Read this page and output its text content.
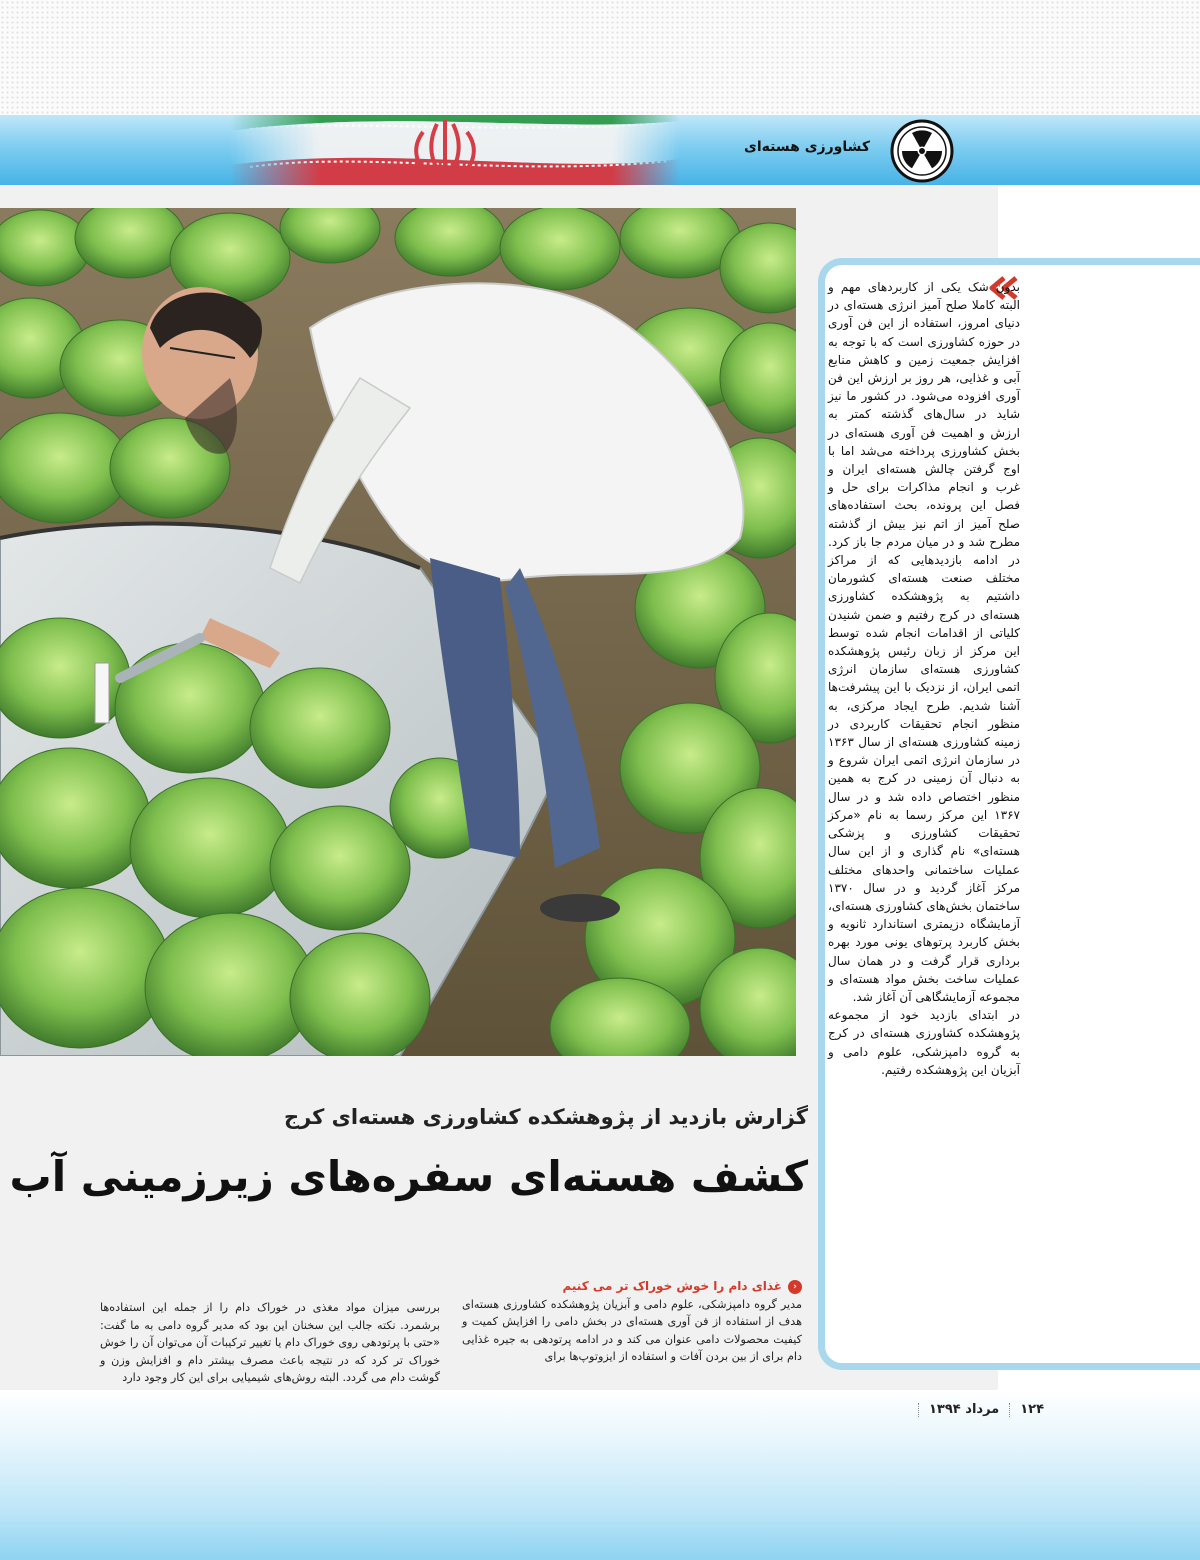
کشاورزی هسته‌ای

بدون شک یکی از کاربردهای مهم و البته کاملا صلح آمیز انرژی هسته‌ای در دنیای امروز، استفاده از این فن آوری در حوزه کشاورزی است که با توجه به افزایش جمعیت زمین و کاهش منابع آبی و غذایی، هر روز بر ارزش این فن آوری افزوده می‌شود. در کشور ما نیز شاید در سال‌های گذشته کمتر به ارزش و اهمیت فن آوری هسته‌ای در بخش کشاورزی پرداخته می‌شد اما با اوج گرفتن چالش هسته‌ای ایران و غرب و انجام مذاکرات برای حل و فصل این پرونده، بحث استفاده‌های صلح آمیز از اتم نیز بیش از گذشته مطرح شد و در میان مردم جا باز کرد. در ادامه بازدیدهایی که از مراکز مختلف صنعت هسته‌ای کشورمان داشتیم به پژوهشکده کشاورزی هسته‌ای در کرج رفتیم و ضمن شنیدن کلیاتی از اقدامات انجام شده توسط این مرکز از زبان رئیس پژوهشکده کشاورزی هسته‌ای سازمان انرژی اتمی ایران، از نزدیک با این پیشرفت‌ها آشنا شدیم. طرح ایجاد مرکزی، به منظور انجام تحقیقات کاربردی در زمینه کشاورزی هسته‌ای از سال ۱۳۶۳ در سازمان انرژی اتمی ایران شروع و به دنبال آن زمینی در کرج به همین منظور اختصاص داده شد و در سال ۱۳۶۷ این مرکز رسما به نام «مرکز تحقیقات کشاورزی و پزشکی هسته‌ای» نام گذاری و از این سال عملیات ساختمانی واحدهای مختلف مرکز آغاز گردید و در سال ۱۳۷۰ ساختمان بخش‌های کشاورزی هسته‌ای، آزمایشگاه دزیمتری استاندارد ثانویه و بخش کاربرد پرتوهای یونی مورد بهره برداری قرار گرفت و در همان سال عملیات ساخت بخش مواد هسته‌ای و مجموعه آزمایشگاهی آن آغاز شد.

در ابتدای بازدید خود از مجموعه پژوهشکده کشاورزی هسته‌ای در کرج به گروه دامپزشکی، علوم دامی و آبزیان این پژوهشکده رفتیم.

گزارش بازدید از پژوهشکده کشاورزی هسته‌ای کرج
کشف هسته‌ای سفره‌های زیرزمینی آب
‹
غذای دام را خوش خوراک تر می کنیم

مدیر گروه دامپزشکی، علوم دامی و آبزیان پژوهشکده کشاورزی هسته‌ای هدف از استفاده از فن آوری هسته‌ای در بخش دامی را افزایش کمیت و کیفیت محصولات دامی عنوان می کند و در ادامه پرتودهی به جیره غذایی دام برای از بین بردن آفات و استفاده از ایزوتوپ‌ها برای

بررسی میزان مواد مغذی در خوراک دام را از جمله این استفاده‌ها برشمرد. نکته جالب این سخنان این بود که مدیر گروه دامی به ما گفت: «حتی با پرتودهی روی خوراک دام یا تغییر ترکیبات آن می‌توان آن را خوش خوراک تر کرد که در نتیجه باعث مصرف بیشتر دام و افزایش وزن و گوشت دام می گردد. البته روش‌های شیمیایی برای این کار وجود دارد

۱۲۴
مرداد ۱۳۹۴
